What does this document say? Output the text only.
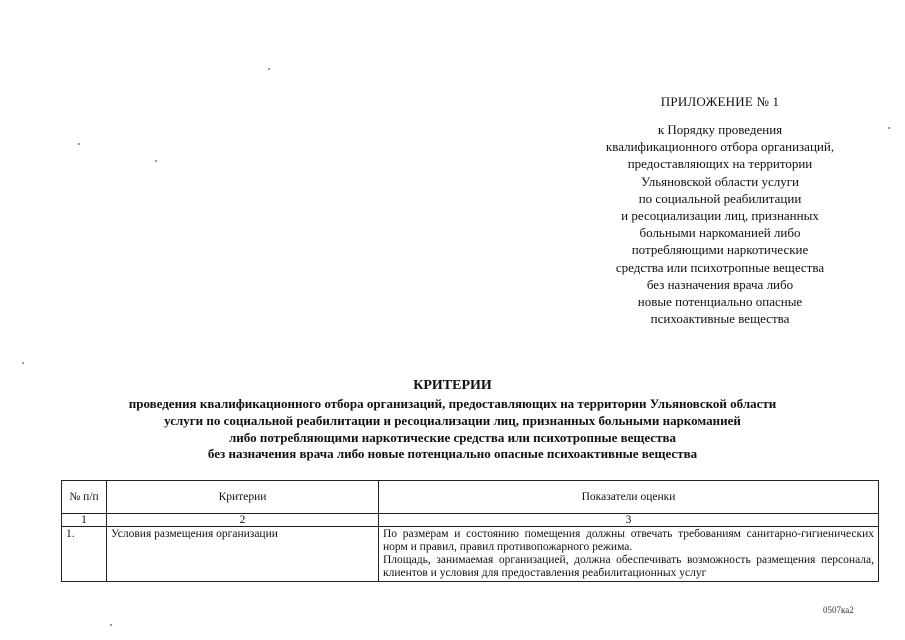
ПРИЛОЖЕНИЕ № 1
к Порядку проведения
квалификационного отбора организаций,
предоставляющих на территории
Ульяновской области услуги
по социальной реабилитации
и ресоциализации лиц, признанных
больными наркоманией либо
потребляющими наркотические
средства или психотропные вещества
без назначения врача либо
новые потенциально опасные
психоактивные вещества
КРИТЕРИИ
проведения квалификационного отбора организаций, предоставляющих на территории Ульяновской области
услуги по социальной реабилитации и ресоциализации лиц, признанных больными наркоманией
либо потребляющими наркотические средства или психотропные вещества
без назначения врача либо новые потенциально опасные психоактивные вещества
№ п/п	Критерии	Показатели оценки
1	2	3
1.	Условия размещения организации	По размерам и состоянию помещения должны отвечать требованиям санитарно-гигиенических норм и правил, правил противопожарного режима.

Площадь, занимаемая организацией, должна обеспечивать возможность размещения персонала, клиентов и условия для предоставления реабилитационных услуг

0507ка2
